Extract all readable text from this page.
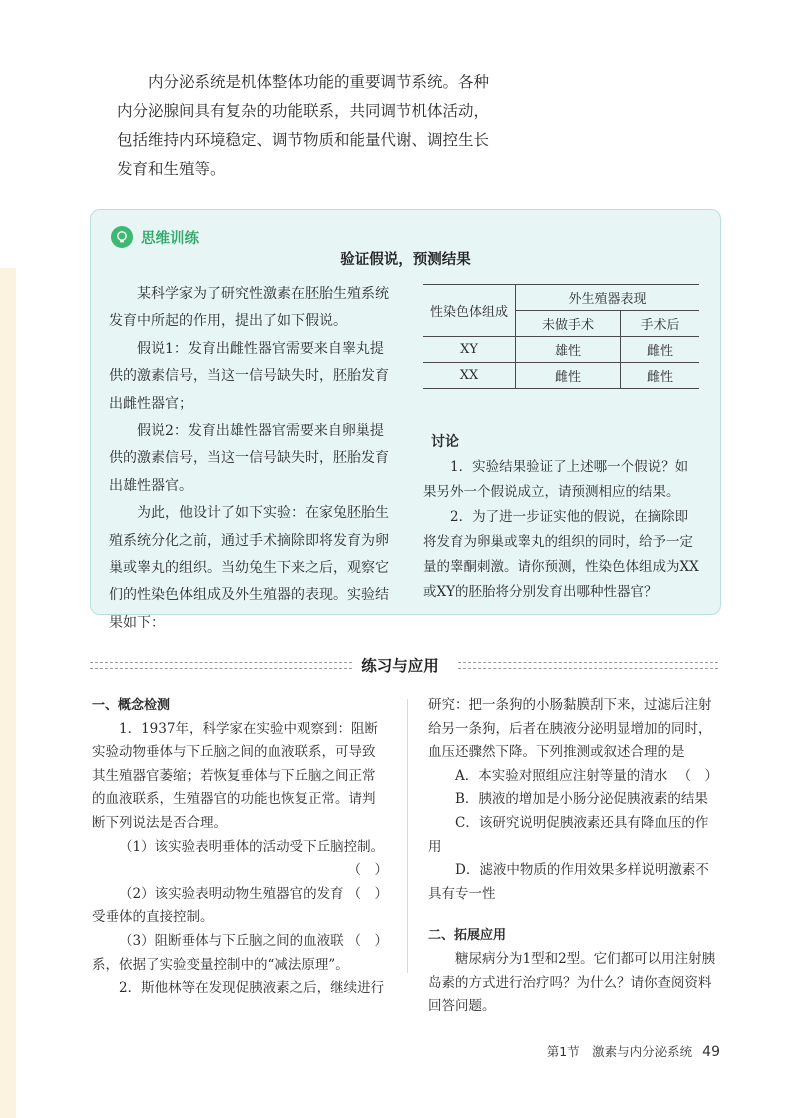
内分泌系统是机体整体功能的重要调节系统。各种内分泌腺间具有复杂的功能联系，共同调节机体活动，包括维持内环境稳定、调节物质和能量代谢、调控生长发育和生殖等。

思维训练
验证假说，预测结果

某科学家为了研究性激素在胚胎生殖系统发育中所起的作用，提出了如下假说。

假说1：发育出雌性器官需要来自睾丸提供的激素信号，当这一信号缺失时，胚胎发育出雌性器官；

假说2：发育出雄性器官需要来自卵巢提供的激素信号，当这一信号缺失时，胚胎发育出雄性器官。

为此，他设计了如下实验：在家兔胚胎生殖系统分化之前，通过手术摘除即将发育为卵巢或睾丸的组织。当幼兔生下来之后，观察它们的性染色体组成及外生殖器的表现。实验结果如下：

性染色体组成	外生殖器表现	
	未做手术	手术后
XY	雄性	雌性
XX	雌性	雌性
讨论

1．实验结果验证了上述哪一个假说？如果另外一个假说成立，请预测相应的结果。

2．为了进一步证实他的假说，在摘除即将发育为卵巢或睾丸的组织的同时，给予一定量的睾酮刺激。请你预测，性染色体组成为XX或XY的胚胎将分别发育出哪种性器官？

练习与应用
一、概念检测

1．1937年，科学家在实验中观察到：阻断实验动物垂体与下丘脑之间的血液联系，可导致其生殖器官萎缩；若恢复垂体与下丘脑之间正常的血液联系，生殖器官的功能也恢复正常。请判断下列说法是否合理。

（1）该实验表明垂体的活动受下丘脑控制。

（　）

（　）
（2）该实验表明动物生殖器官的发育受垂体的直接控制。

（　）
（3）阻断垂体与下丘脑之间的血液联系，依据了实验变量控制中的“减法原理”。

2．斯他林等在发现促胰液素之后，继续进行

研究：把一条狗的小肠黏膜刮下来，过滤后注射给另一条狗，后者在胰液分泌明显增加的同时，血压还骤然下降。下列推测或叙述合理的是
（　）

A．本实验对照组应注射等量的清水

B．胰液的增加是小肠分泌促胰液素的结果

C．该研究说明促胰液素还具有降血压的作用

D．滤液中物质的作用效果多样说明激素不具有专一性

二、拓展应用

糖尿病分为1型和2型。它们都可以用注射胰岛素的方式进行治疗吗？为什么？请你查阅资料回答问题。

第1节　激素与内分泌系统 49
